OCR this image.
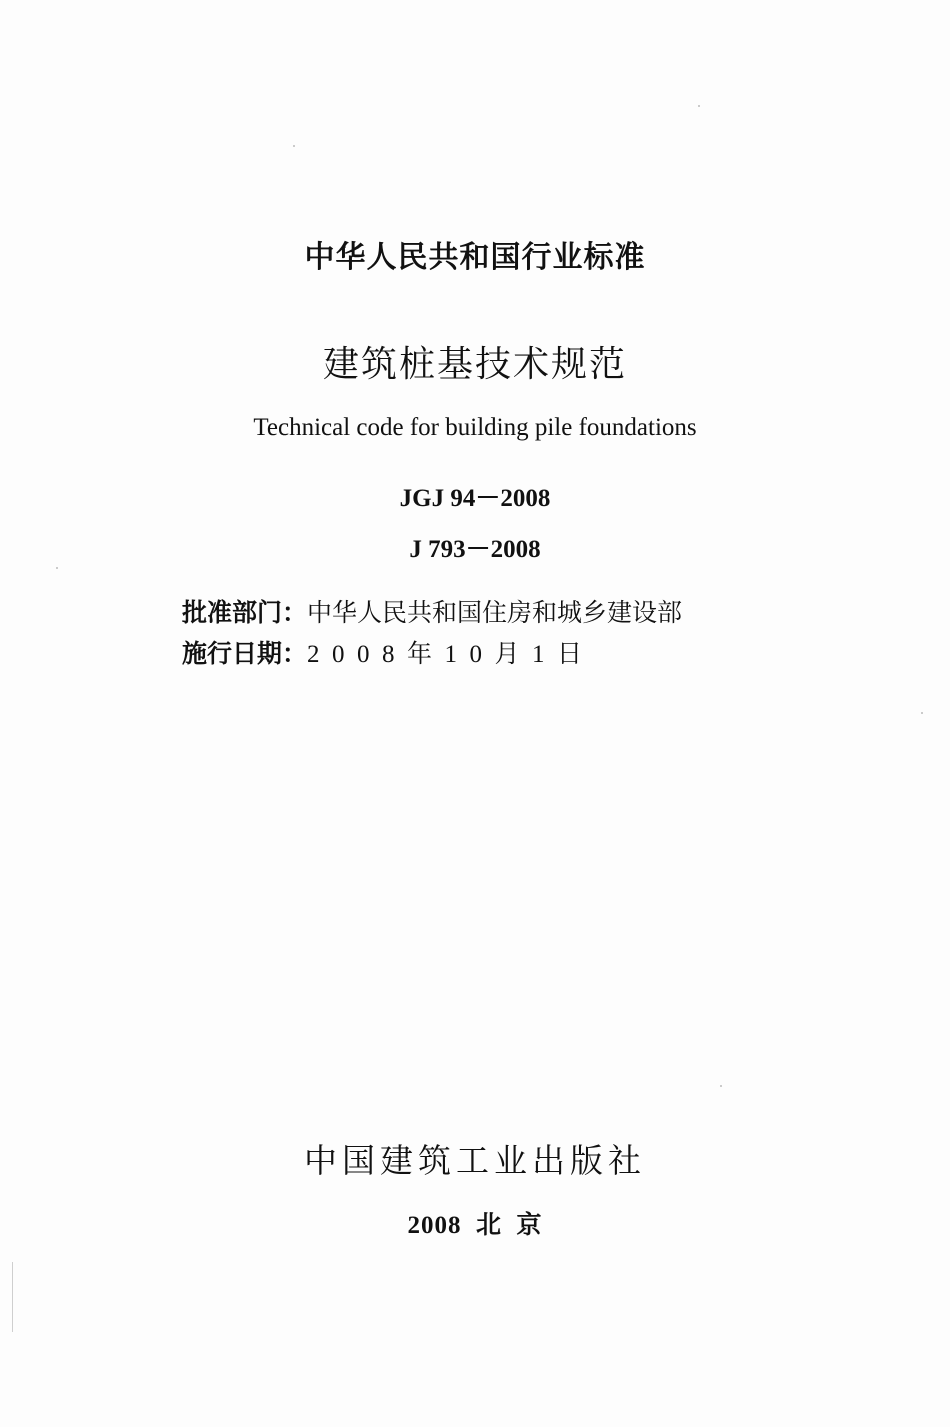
中华人民共和国行业标准
建筑桩基技术规范
Technical code for building pile foundations
JGJ 94－2008
J 793－2008
批准部门：中华人民共和国住房和城乡建设部
施行日期：2  0  0  8  年  1  0  月  1  日
中国建筑工业出版社
2008  北  京
